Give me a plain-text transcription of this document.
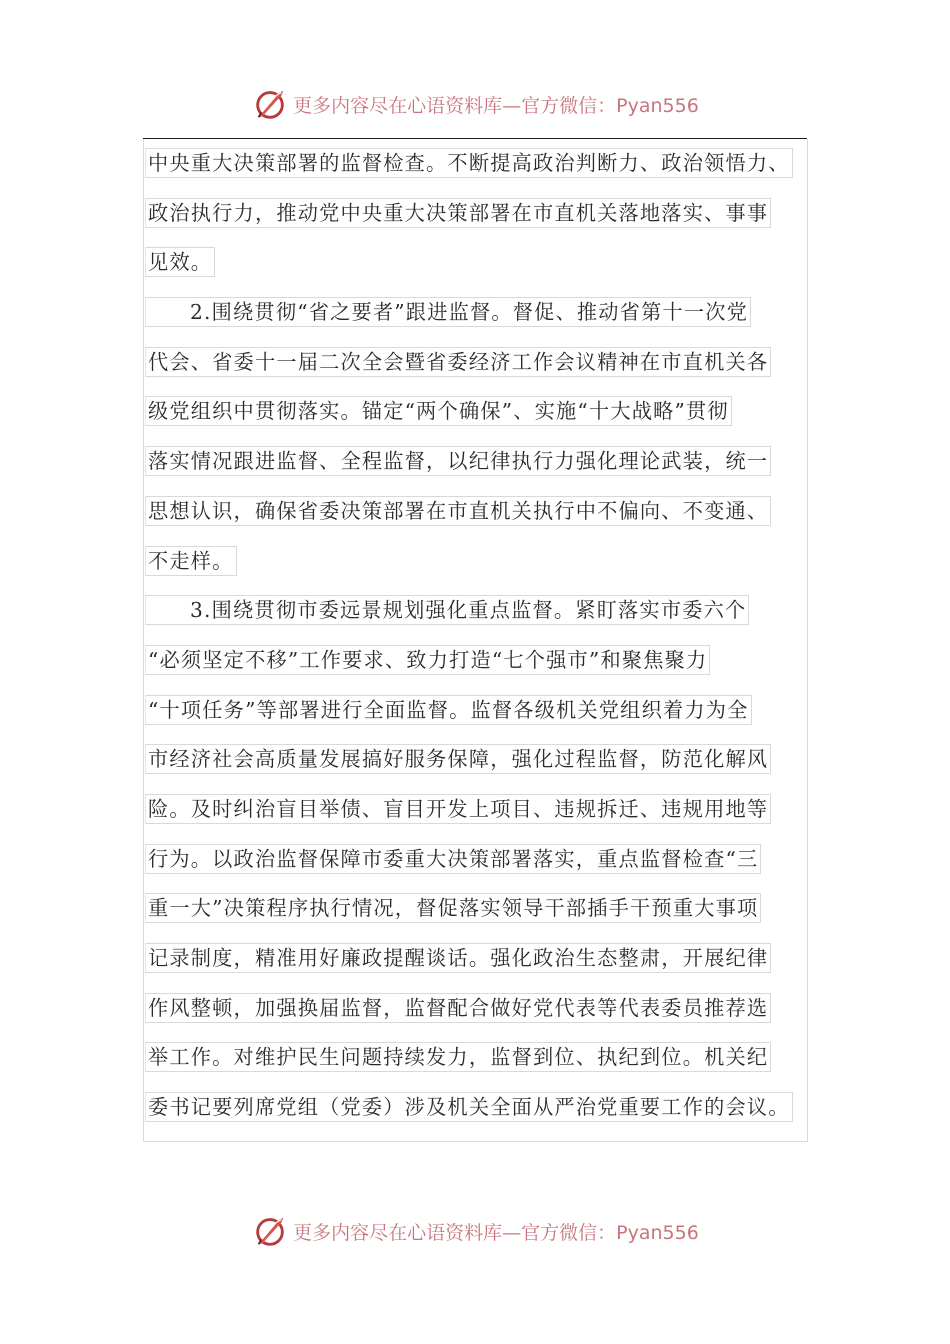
更多内容尽在心语资料库—官方微信：Pyan556
中央重大决策部署的监督检查。不断提高政治判断力、政治领悟力、
政治执行力，推动党中央重大决策部署在市直机关落地落实、事事
见效。
2.围绕贯彻“省之要者”跟进监督。督促、推动省第十一次党
代会、省委十一届二次全会暨省委经济工作会议精神在市直机关各
级党组织中贯彻落实。锚定“两个确保”、实施“十大战略”贯彻
落实情况跟进监督、全程监督，以纪律执行力强化理论武装，统一
思想认识，确保省委决策部署在市直机关执行中不偏向、不变通、
不走样。
3.围绕贯彻市委远景规划强化重点监督。紧盯落实市委六个
“必须坚定不移”工作要求、致力打造“七个强市”和聚焦聚力
“十项任务”等部署进行全面监督。监督各级机关党组织着力为全
市经济社会高质量发展搞好服务保障，强化过程监督，防范化解风
险。及时纠治盲目举债、盲目开发上项目、违规拆迁、违规用地等
行为。以政治监督保障市委重大决策部署落实，重点监督检查“三
重一大”决策程序执行情况，督促落实领导干部插手干预重大事项
记录制度，精准用好廉政提醒谈话。强化政治生态整肃，开展纪律
作风整顿，加强换届监督，监督配合做好党代表等代表委员推荐选
举工作。对维护民生问题持续发力，监督到位、执纪到位。机关纪
委书记要列席党组（党委）涉及机关全面从严治党重要工作的会议。
更多内容尽在心语资料库—官方微信：Pyan556
